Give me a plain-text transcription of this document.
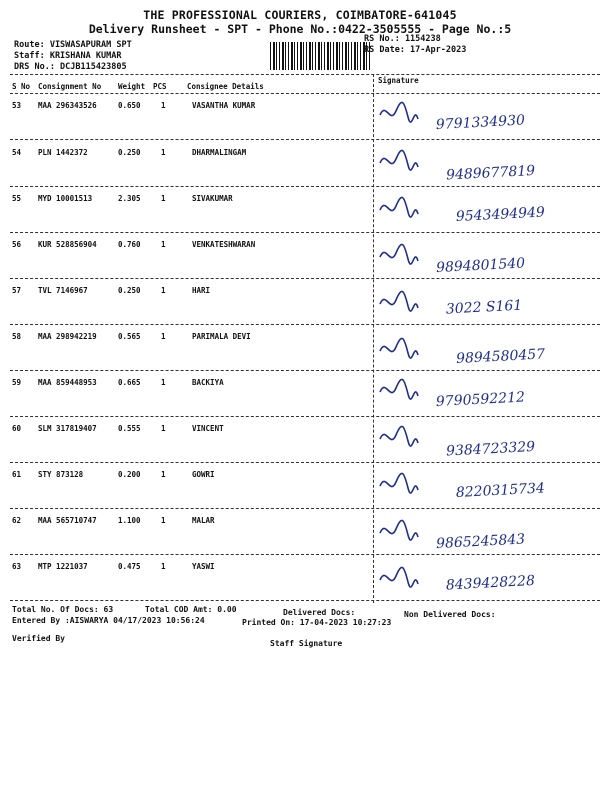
THE PROFESSIONAL COURIERS, COIMBATORE-641045
Delivery Runsheet - SPT - Phone No.:0422-3505555 - Page No.:5
Route: VISWASAPURAM SPT
Staff: KRISHANA KUMAR
DRS No.: DCJB115423805
RS No.: 1154238
RS Date: 17-Apr-2023
S No Consignment No Weight PCS	Consignee Details
Signature
53 MAA 296343526	0.650	1	VASANTHA KUMAR
9791334930
54 PLN 1442372	0.250	1	DHARMALINGAM
9489677819
55 MYD 10001513	2.305	1	SIVAKUMAR
9543494949
56 KUR 528856904	0.760	1	VENKATESHWARAN
9894801540
57 TVL 7146967	0.250	1	HARI
3022 S161
58 MAA 298942219	0.565	1	PARIMALA DEVI
9894580457
59 MAA 859448953	0.665	1	BACKIYA
9790592212
60 SLM 317819407	0.555	1	VINCENT
9384723329
61 STY 873128	0.200	1	GOWRI
8220315734
62 MAA 565710747	1.100	1	MALAR
9865245843
63 MTP 1221037	0.475	1	YASWI
8439428228
Total No. Of Docs: 63	Total COD Amt: 0.00	Delivered Docs:	Non Delivered Docs:
Entered By :AISWARYA 04/17/2023 10:56:24	Printed On: 17-04-2023 10:27:23
Verified By
Staff Signature
